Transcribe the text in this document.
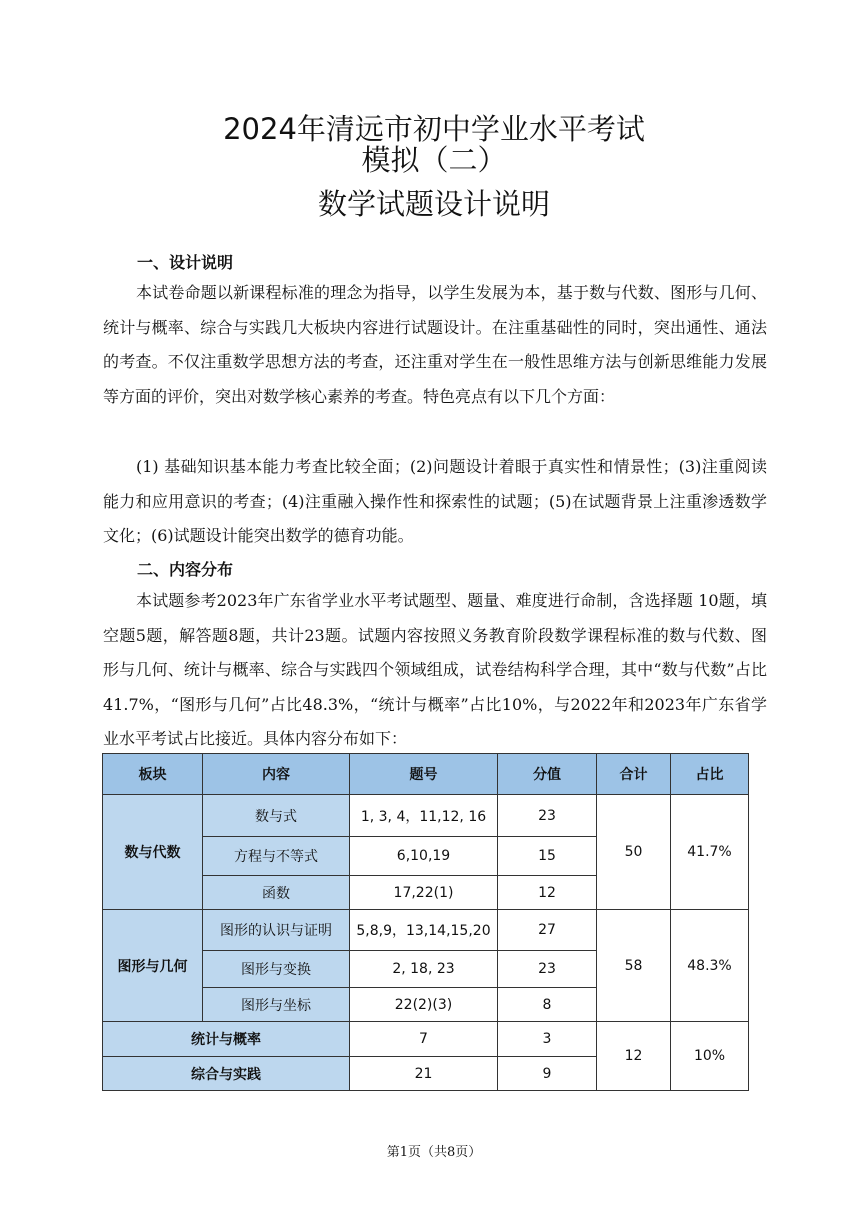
2024年清远市初中学业水平考试
模拟（二）
数学试题设计说明
一、设计说明

本试卷命题以新课程标准的理念为指导，以学生发展为本，基于数与代数、图形与几何、统计与概率、综合与实践几大板块内容进行试题设计。在注重基础性的同时，突出通性、通法的考查。不仅注重数学思想方法的考查，还注重对学生在一般性思维方法与创新思维能力发展等方面的评价，突出对数学核心素养的考查。特色亮点有以下几个方面：

(1) 基础知识基本能力考查比较全面；(2)问题设计着眼于真实性和情景性；(3)注重阅读能力和应用意识的考查；(4)注重融入操作性和探索性的试题；(5)在试题背景上注重渗透数学文化；(6)试题设计能突出数学的德育功能。

二、内容分布

本试题参考2023年广东省学业水平考试题型、题量、难度进行命制，含选择题 10题，填空题5题，解答题8题，共计23题。试题内容按照义务教育阶段数学课程标准的数与代数、图形与几何、统计与概率、综合与实践四个领域组成，试卷结构科学合理，其中“数与代数”占比 41.7%，“图形与几何”占比48.3%，“统计与概率”占比10%，与2022年和2023年广东省学业水平考试占比接近。具体内容分布如下：

板块	内容	题号	分值	合计	占比
数与代数	数与式	1, 3, 4，11,12, 16	23	50	41.7%
	方程与不等式	6,10,19	15		
	函数	17,22(1)	12		
图形与几何	图形的认识与证明	5,8,9，13,14,15,20	27	58	48.3%
	图形与变换	2, 18, 23	23		
	图形与坐标	22(2)(3)	8		
统计与概率		7	3	12	10%
综合与实践		21	9		

第1页（共8页）
